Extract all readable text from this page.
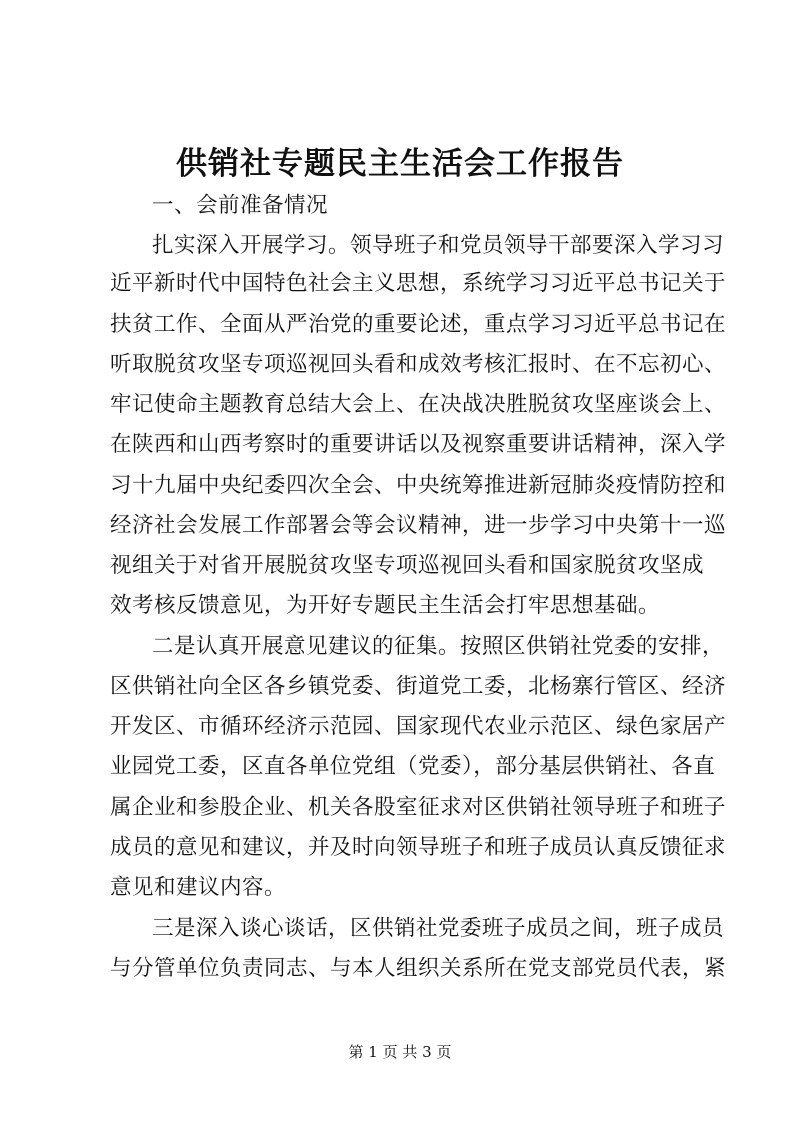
供销社专题民主生活会工作报告
一、会前准备情况
扎实深入开展学习。领导班子和党员领导干部要深入学习习
近平新时代中国特色社会主义思想，系统学习习近平总书记关于
扶贫工作、全面从严治党的重要论述，重点学习习近平总书记在
听取脱贫攻坚专项巡视回头看和成效考核汇报时、在不忘初心、
牢记使命主题教育总结大会上、在决战决胜脱贫攻坚座谈会上、
在陕西和山西考察时的重要讲话以及视察重要讲话精神，深入学
习十九届中央纪委四次全会、中央统筹推进新冠肺炎疫情防控和
经济社会发展工作部署会等会议精神，进一步学习中央第十一巡
视组关于对省开展脱贫攻坚专项巡视回头看和国家脱贫攻坚成
效考核反馈意见，为开好专题民主生活会打牢思想基础。
二是认真开展意见建议的征集。按照区供销社党委的安排，
区供销社向全区各乡镇党委、街道党工委，北杨寨行管区、经济
开发区、市循环经济示范园、国家现代农业示范区、绿色家居产
业园党工委，区直各单位党组（党委），部分基层供销社、各直
属企业和参股企业、机关各股室征求对区供销社领导班子和班子
成员的意见和建议，并及时向领导班子和班子成员认真反馈征求
意见和建议内容。
三是深入谈心谈话，区供销社党委班子成员之间，班子成员
与分管单位负责同志、与本人组织关系所在党支部党员代表，紧
第 1 页 共 3 页
